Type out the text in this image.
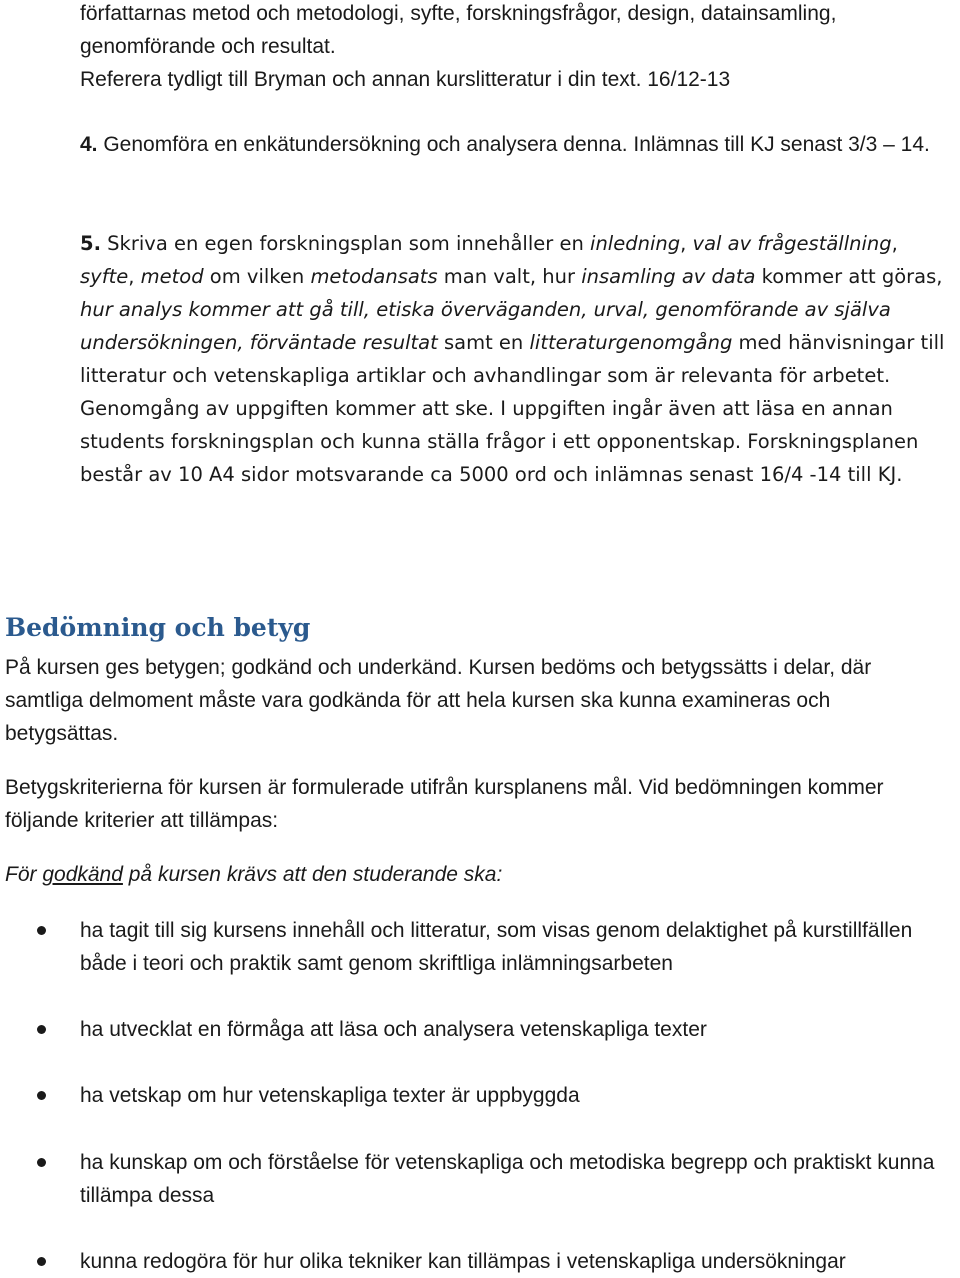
författarnas metod och metodologi, syfte, forskningsfrågor, design, datainsamling,
genomförande och resultat.
Referera tydligt till Bryman och annan kurslitteratur i din text. 16/12-13

4. Genomföra en enkätundersökning och analysera denna. Inlämnas till KJ senast 3/3 – 14.

5. Skriva en egen forskningsplan som innehåller en inledning, val av frågeställning, syfte, metod om vilken metodansats man valt, hur insamling av data kommer att göras, hur analys kommer att gå till, etiska överväganden, urval, genomförande av själva undersökningen, förväntade resultat samt en litteraturgenomgång med hänvisningar till litteratur och vetenskapliga artiklar och avhandlingar som är relevanta för arbetet. Genomgång av uppgiften kommer att ske. I uppgiften ingår även att läsa en annan students forskningsplan och kunna ställa frågor i ett opponentskap. Forskningsplanen består av 10 A4 sidor motsvarande ca 5000 ord och inlämnas senast 16/4 -14 till KJ.

Bedömning och betyg

På kursen ges betygen; godkänd och underkänd. Kursen bedöms och betygssätts i delar, där samtliga delmoment måste vara godkända för att hela kursen ska kunna examineras och betygsättas.

Betygskriterierna för kursen är formulerade utifrån kursplanens mål. Vid bedömningen kommer följande kriterier att tillämpas:

För godkänd på kursen krävs att den studerande ska:

ha tagit till sig kursens innehåll och litteratur, som visas genom delaktighet på kurstillfällen både i teori och praktik samt genom skriftliga inlämningsarbeten
ha utvecklat en förmåga att läsa och analysera vetenskapliga texter
ha vetskap om hur vetenskapliga texter är uppbyggda
ha kunskap om och förståelse för vetenskapliga och metodiska begrepp och praktiskt kunna tillämpa dessa
kunna redogöra för hur olika tekniker kan tillämpas i vetenskapliga undersökningar
